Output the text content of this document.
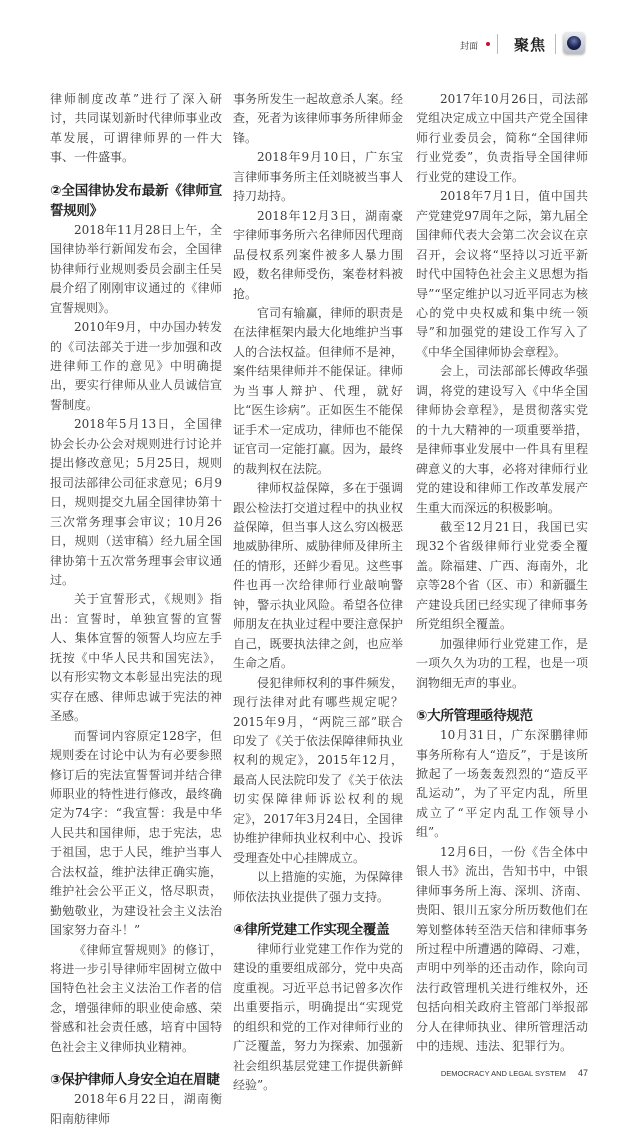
封面 聚焦

律师制度改革”进行了深入研讨，共同谋划新时代律师事业改革发展，可谓律师界的一件大事、一件盛事。

②全国律协发布最新《律师宣誓规则》

2018年11月28日上午，全国律协举行新闻发布会，全国律协律师行业规则委员会副主任吴晨介绍了刚刚审议通过的《律师宣誓规则》。

2010年9月，中办国办转发的《司法部关于进一步加强和改进律师工作的意见》中明确提出，要实行律师从业人员诚信宣誓制度。

2018年5月13日，全国律协会长办公会对规则进行讨论并提出修改意见；5月25日，规则报司法部律公司征求意见；6月9日，规则提交九届全国律协第十三次常务理事会审议；10月26日，规则（送审稿）经九届全国律协第十五次常务理事会审议通过。

关于宣誓形式，《规则》指出：宣誓时，单独宣誓的宣誓人、集体宣誓的领誓人均应左手抚按《中华人民共和国宪法》，以有形实物文本彰显出宪法的现实存在感、律师忠诚于宪法的神圣感。

而誓词内容原定128字，但规则委在讨论中认为有必要参照修订后的宪法宣誓誓词并结合律师职业的特性进行修改，最终确定为74字：“我宣誓：我是中华人民共和国律师，忠于宪法，忠于祖国，忠于人民，维护当事人合法权益，维护法律正确实施，维护社会公平正义，恪尽职责，勤勉敬业，为建设社会主义法治国家努力奋斗！”

《律师宣誓规则》的修订，将进一步引导律师牢固树立做中国特色社会主义法治工作者的信念，增强律师的职业使命感、荣誉感和社会责任感，培育中国特色社会主义律师执业精神。

③保护律师人身安全迫在眉睫

2018年6月22日，湖南衡阳南舫律师

事务所发生一起故意杀人案。经查，死者为该律师事务所律师金锋。

2018年9月10日，广东宝言律师事务所主任刘晓被当事人持刀劫持。

2018年12月3日，湖南豪宇律师事务所六名律师因代理商品侵权系列案件被多人暴力围殴，数名律师受伤，案卷材料被抢。

官司有输赢，律师的职责是在法律框架内最大化地维护当事人的合法权益。但律师不是神，案件结果律师并不能保证。律师为当事人辩护、代理，就好比“医生诊病”。正如医生不能保证手术一定成功，律师也不能保证官司一定能打赢。因为，最终的裁判权在法院。

律师权益保障，多在于强调跟公检法打交道过程中的执业权益保障，但当事人这么穷凶极恶地威胁律所、威胁律师及律所主任的情形，还鲜少看见。这些事件也再一次给律师行业敲响警钟，警示执业风险。希望各位律师朋友在执业过程中要注意保护自己，既要执法律之剑，也应举生命之盾。

侵犯律师权利的事件频发，现行法律对此有哪些规定呢？2015年9月，“两院三部”联合印发了《关于依法保障律师执业权利的规定》，2015年12月，最高人民法院印发了《关于依法切实保障律师诉讼权利的规定》，2017年3月24日，全国律协维护律师执业权利中心、投诉受理查处中心挂牌成立。

以上措施的实施，为保障律师依法执业提供了强力支持。

④律所党建工作实现全覆盖

律师行业党建工作作为党的建设的重要组成部分，党中央高度重视。习近平总书记曾多次作出重要指示，明确提出“实现党的组织和党的工作对律师行业的广泛覆盖，努力为探索、加强新社会组织基层党建工作提供新鲜经验”。

2017年10月26日，司法部党组决定成立中国共产党全国律师行业委员会，简称“全国律师行业党委”，负责指导全国律师行业党的建设工作。

2018年7月1日，值中国共产党建党97周年之际，第九届全国律师代表大会第二次会议在京召开，会议将“坚持以习近平新时代中国特色社会主义思想为指导”“坚定维护以习近平同志为核心的党中央权威和集中统一领导”和加强党的建设工作写入了《中华全国律师协会章程》。

会上，司法部部长傅政华强调，将党的建设写入《中华全国律师协会章程》，是贯彻落实党的十九大精神的一项重要举措，是律师事业发展中一件具有里程碑意义的大事，必将对律师行业党的建设和律师工作改革发展产生重大而深远的积极影响。

截至12月21日，我国已实现32个省级律师行业党委全覆盖。除福建、广西、海南外，北京等28个省（区、市）和新疆生产建设兵团已经实现了律师事务所党组织全覆盖。

加强律师行业党建工作，是一项久久为功的工程，也是一项润物细无声的事业。

⑤大所管理亟待规范

10月31日，广东深鹏律师事务所称有人“造反”，于是该所掀起了一场轰轰烈烈的“造反平乱运动”，为了平定内乱，所里成立了“平定内乱工作领导小组”。

12月6日，一份《告全体中银人书》流出，告知书中，中银律师事务所上海、深圳、济南、贵阳、银川五家分所历数他们在筹划整体转至浩天信和律师事务所过程中所遭遇的障碍、刁难，声明中列举的还击动作，除向司法行政管理机关进行维权外，还包括向相关政府主管部门举报部分人在律师执业、律所管理活动中的违规、违法、犯罪行为。

DEMOCRACY AND LEGAL SYSTEM 47
